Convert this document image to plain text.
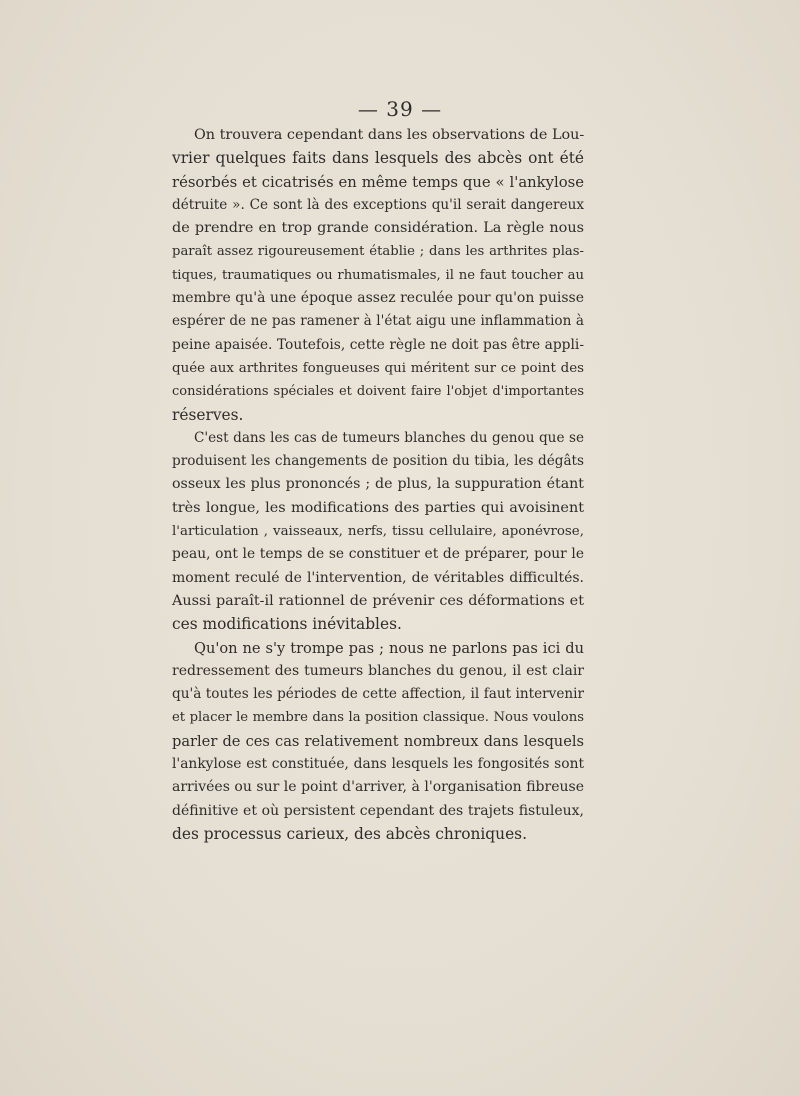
— 39 —
On trouvera cependant dans les observations de Lou-
vrier quelques faits dans lesquels des abcès ont été
résorbés et cicatrisés en même temps que « l'ankylose
détruite ». Ce sont là des exceptions qu'il serait dangereux
de prendre en trop grande considération. La règle nous
paraît assez rigoureusement établie ; dans les arthrites plas-
tiques, traumatiques ou rhumatismales, il ne faut toucher au
membre qu'à une époque assez reculée pour qu'on puisse
espérer de ne pas ramener à l'état aigu une inflammation à
peine apaisée. Toutefois, cette règle ne doit pas être appli-
quée aux arthrites fongueuses qui méritent sur ce point des
considérations spéciales et doivent faire l'objet d'importantes
réserves.
C'est dans les cas de tumeurs blanches du genou que se
produisent les changements de position du tibia, les dégâts
osseux les plus prononcés ; de plus, la suppuration étant
très longue, les modifications des parties qui avoisinent
l'articulation , vaisseaux, nerfs, tissu cellulaire, aponévrose,
peau, ont le temps de se constituer et de préparer, pour le
moment reculé de l'intervention, de véritables difficultés.
Aussi paraît-il rationnel de prévenir ces déformations et
ces modifications inévitables.
Qu'on ne s'y trompe pas ; nous ne parlons pas ici du
redressement des tumeurs blanches du genou, il est clair
qu'à toutes les périodes de cette affection, il faut intervenir
et placer le membre dans la position classique. Nous voulons
parler de ces cas relativement nombreux dans lesquels
l'ankylose est constituée, dans lesquels les fongosités sont
arrivées ou sur le point d'arriver, à l'organisation fibreuse
définitive et où persistent cependant des trajets fistuleux,
des processus carieux, des abcès chroniques.
